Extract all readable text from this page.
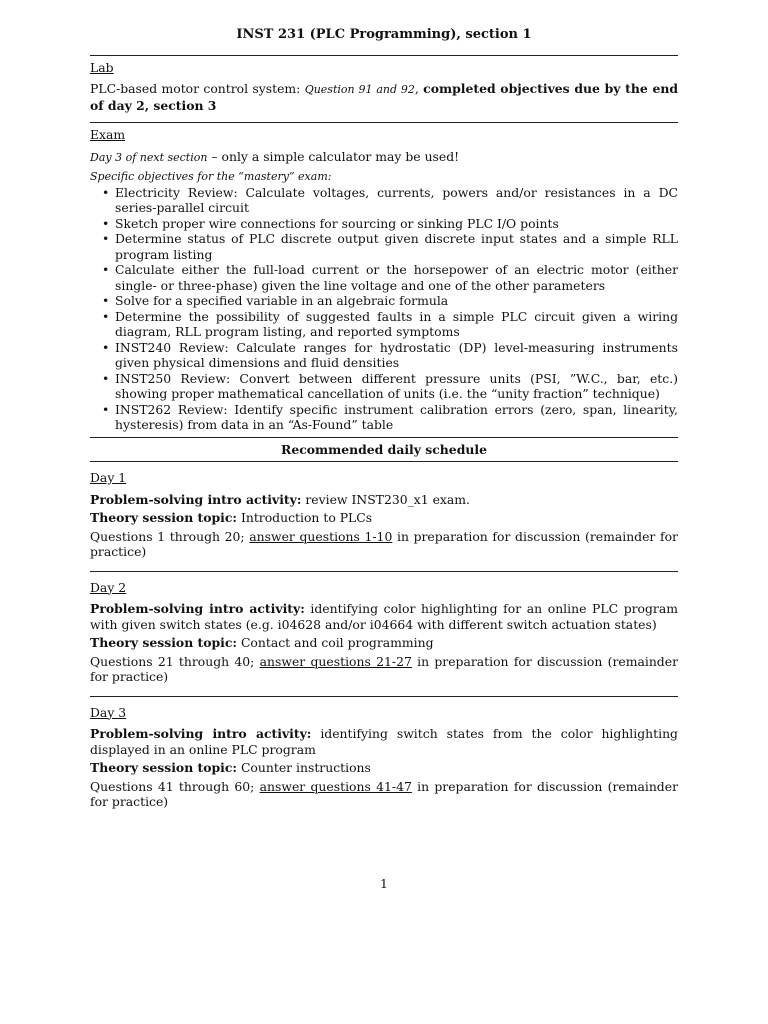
INST 231 (PLC Programming), section 1
Lab

PLC-based motor control system: Question 91 and 92, completed objectives due by the end of day 2, section 3

Exam

Day 3 of next section – only a simple calculator may be used!

Specific objectives for the “mastery” exam:
• Electricity Review: Calculate voltages, currents, powers and/or resistances in a DC series-parallel circuit
• Sketch proper wire connections for sourcing or sinking PLC I/O points
• Determine status of PLC discrete output given discrete input states and a simple RLL program listing
• Calculate either the full-load current or the horsepower of an electric motor (either single- or three-phase) given the line voltage and one of the other parameters
• Solve for a specified variable in an algebraic formula
• Determine the possibility of suggested faults in a simple PLC circuit given a wiring diagram, RLL program listing, and reported symptoms
• INST240 Review: Calculate ranges for hydrostatic (DP) level-measuring instruments given physical dimensions and fluid densities
• INST250 Review: Convert between different pressure units (PSI, ”W.C., bar, etc.) showing proper mathematical cancellation of units (i.e. the “unity fraction” technique)
• INST262 Review: Identify specific instrument calibration errors (zero, span, linearity, hysteresis) from data in an “As-Found” table
Recommended daily schedule
Day 1

Problem-solving intro activity: review INST230_x1 exam.

Theory session topic: Introduction to PLCs

Questions 1 through 20; answer questions 1-10 in preparation for discussion (remainder for practice)

Day 2

Problem-solving intro activity: identifying color highlighting for an online PLC program with given switch states (e.g. i04628 and/or i04664 with different switch actuation states)

Theory session topic: Contact and coil programming

Questions 21 through 40; answer questions 21-27 in preparation for discussion (remainder for practice)

Day 3

Problem-solving intro activity: identifying switch states from the color highlighting displayed in an online PLC program

Theory session topic: Counter instructions

Questions 41 through 60; answer questions 41-47 in preparation for discussion (remainder for practice)

1
